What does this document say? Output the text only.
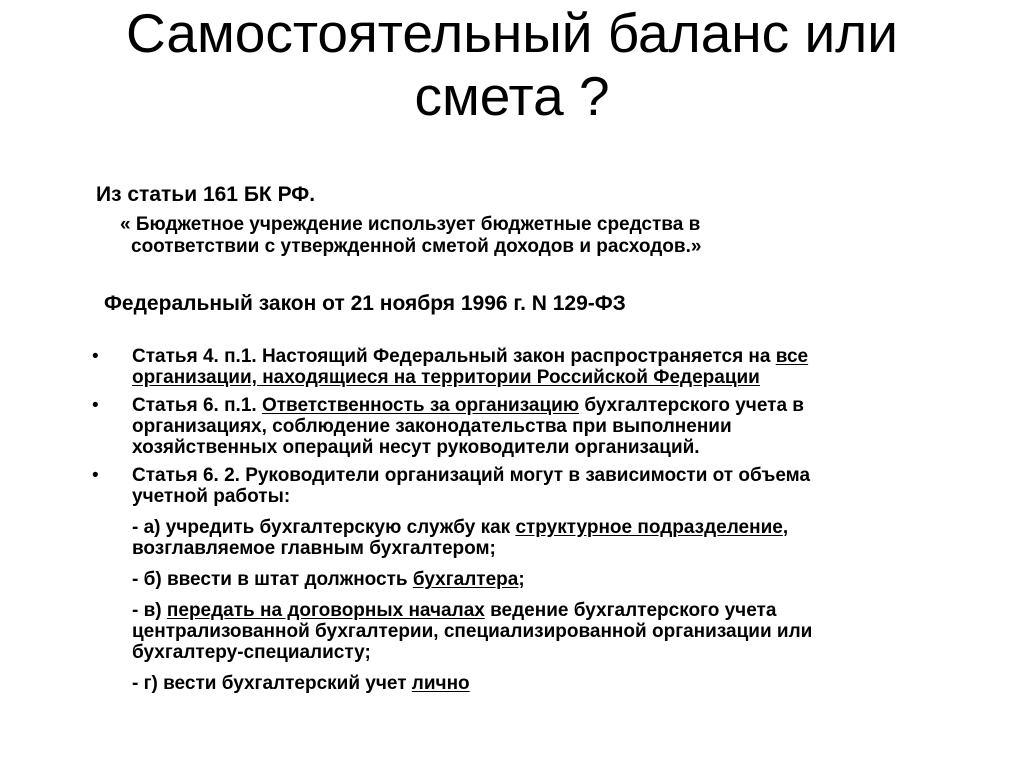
Самостоятельный баланс или
смета ?
Из статьи 161 БК РФ.
« Бюджетное учреждение использует бюджетные средства в
соответствии с утвержденной сметой доходов и расходов.»
Федеральный закон от 21 ноября 1996 г. N 129-ФЗ
• Статья 4. п.1. Настоящий Федеральный закон распространяется на все
организации, находящиеся на территории Российской Федерации
• Статья 6. п.1. Ответственность за организацию бухгалтерского учета в
организациях, соблюдение законодательства при выполнении
хозяйственных операций несут руководители организаций.
• Статья 6. 2. Руководители организаций могут в зависимости от объема
учетной работы:
- а) учредить бухгалтерскую службу как структурное подразделение,
возглавляемое главным бухгалтером;
- б) ввести в штат должность бухгалтера;
- в) передать на договорных началах ведение бухгалтерского учета
централизованной бухгалтерии, специализированной организации или
бухгалтеру-специалисту;
- г) вести бухгалтерский учет лично
